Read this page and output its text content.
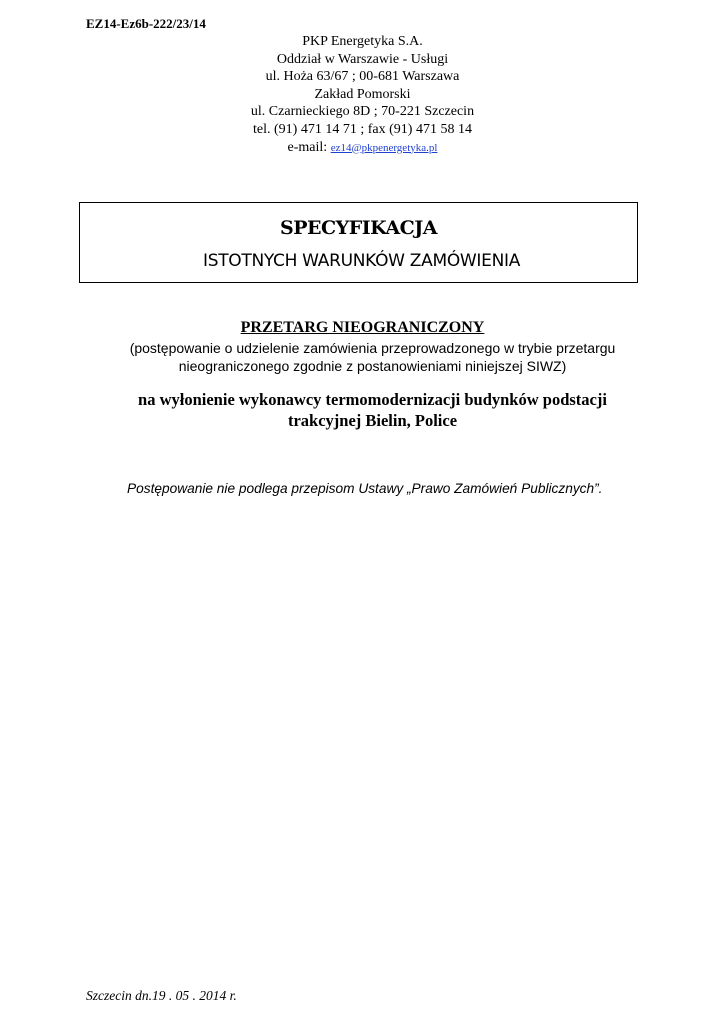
EZ14-Ez6b-222/23/14
PKP Energetyka S.A.
Oddział w Warszawie - Usługi
ul. Hoża 63/67 ; 00-681 Warszawa
Zakład Pomorski
ul. Czarnieckiego 8D ; 70-221 Szczecin
tel. (91) 471 14 71 ; fax (91) 471 58 14
e-mail: ez14@pkpenergetyka.pl
SPECYFIKACJA
ISTOTNYCH WARUNKÓW ZAMÓWIENIA
PRZETARG NIEOGRANICZONY
(postępowanie o udzielenie zamówienia przeprowadzonego w trybie przetargu
nieograniczonego zgodnie z postanowieniami niniejszej SIWZ)
na wyłonienie wykonawcy termomodernizacji budynków podstacji
trakcyjnej Bielin, Police
Postępowanie nie podlega przepisom Ustawy „Prawo Zamówień Publicznych”.
Szczecin dn.19 . 05 . 2014 r.
